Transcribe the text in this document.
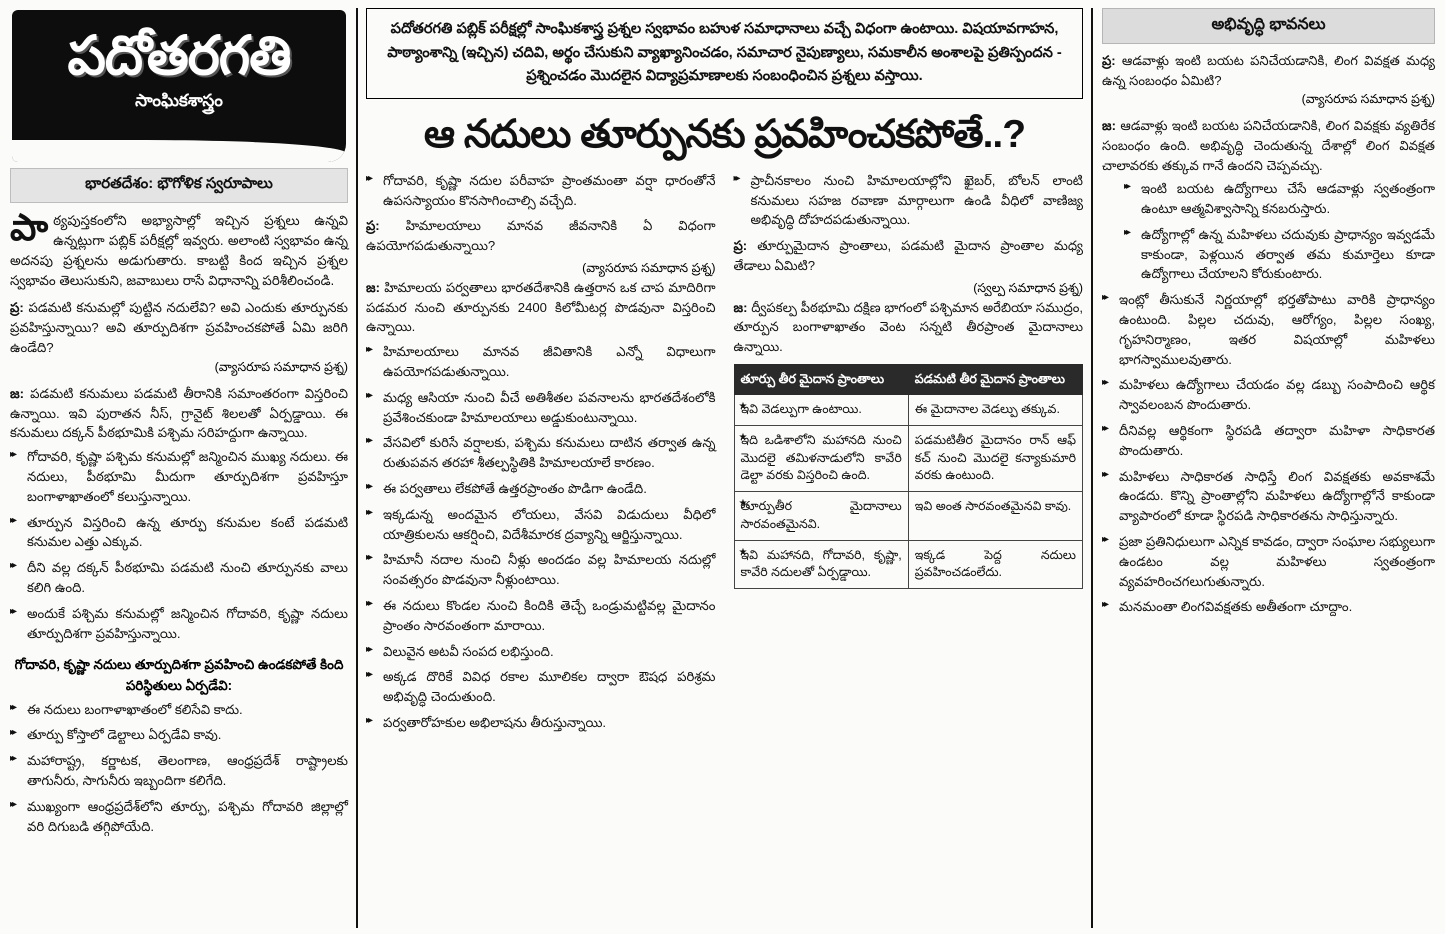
పదోతరగతి
సాంఘికశాస్త్రం
భారతదేశం: భౌగోళిక స్వరూపాలు
పాఠ్యపుస్తకంలోని అభ్యాసాల్లో ఇచ్చిన ప్రశ్నలు ఉన్నవి ఉన్నట్లుగా పబ్లిక్ పరీక్షల్లో ఇవ్వరు. అలాంటి స్వభావం ఉన్న అదనపు ప్రశ్నలను అడుగుతారు. కాబట్టి కింద ఇచ్చిన ప్రశ్నల స్వభావం తెలుసుకుని, జవాబులు రాసే విధానాన్ని పరిశీలించండి.
ప్ర: పడమటి కనుమల్లో పుట్టిన నదులేవి? అవి ఎందుకు తూర్పునకు ప్రవహిస్తున్నాయి? అవి తూర్పుదిశగా ప్రవహించకపోతే ఏమి జరిగి ఉండేది?
(వ్యాసరూప సమాధాన ప్రశ్న)
జ: పడమటి కనుమలు పడమటి తీరానికి సమాంతరంగా విస్తరించి ఉన్నాయి. ఇవి పురాతన నీస్, గ్రానైట్ శిలలతో ఏర్పడ్డాయి. ఈ కనుమలు దక్కన్ పీఠభూమికి పశ్చిమ సరిహద్దుగా ఉన్నాయి.
▸▸ గోదావరి, కృష్ణా పశ్చిమ కనుమల్లో జన్మించిన ముఖ్య నదులు. ఈ నదులు, పీఠభూమి మీదుగా తూర్పుదిశగా ప్రవహిస్తూ బంగాళాఖాతంలో కలుస్తున్నాయి.
▸▸ తూర్పున విస్తరించి ఉన్న తూర్పు కనుమల కంటే పడమటి కనుమల ఎత్తు ఎక్కువ.
▸▸ దీని వల్ల దక్కన్ పీఠభూమి పడమటి నుంచి తూర్పునకు వాలు కలిగి ఉంది.
▸▸ అందుకే పశ్చిమ కనుమల్లో జన్మించిన గోదావరి, కృష్ణా నదులు తూర్పుదిశగా ప్రవహిస్తున్నాయి.
గోదావరి, కృష్ణా నదులు తూర్పుదిశగా ప్రవహించి ఉండకపోతే కింది పరిస్థితులు ఏర్పడేవి:
▸▸ ఈ నదులు బంగాళాఖాతంలో కలిసేవి కాదు.
▸▸ తూర్పు కోస్తాలో డెల్టాలు ఏర్పడేవి కావు.
▸▸ మహారాష్ట్ర, కర్ణాటక, తెలంగాణ, ఆంధ్రప్రదేశ్ రాష్ట్రాలకు తాగునీరు, సాగునీరు ఇబ్బందిగా కలిగేది.
▸▸ ముఖ్యంగా ఆంధ్రప్రదేశ్‌లోని తూర్పు, పశ్చిమ గోదావరి జిల్లాల్లో వరి దిగుబడి తగ్గిపోయేది.
పదోతరగతి పబ్లిక్ పరీక్షల్లో సాంఘికశాస్త్ర ప్రశ్నల స్వభావం బహుళ సమాధానాలు వచ్చే విధంగా ఉంటాయి. విషయావగాహన, పాఠ్యాంశాన్ని (ఇచ్చిన) చదివి, అర్థం చేసుకుని వ్యాఖ్యానించడం, సమాచార నైపుణ్యాలు, సమకాలీన అంశాలపై ప్రతిస్పందన - ప్రశ్నించడం మొదలైన విద్యాప్రమాణాలకు సంబంధించిన ప్రశ్నలు వస్తాయి.
ఆ నదులు తూర్పునకు ప్రవహించకపోతే..?
▸▸ గోదావరి, కృష్ణా నదుల పరీవాహ ప్రాంతమంతా వర్షా ధారంతోనే ఉపసస్యాయం కొనసాగించాల్సి వచ్చేది.

ప్ర: హిమాలయాలు మానవ జీవనానికి ఏ విధంగా ఉపయోగపడుతున్నాయి?

(వ్యాసరూప సమాధాన ప్రశ్న)

జ: హిమాలయ పర్వతాలు భారతదేశానికి ఉత్తరాన ఒక చాప మాదిరిగా పడమర నుంచి తూర్పునకు 2400 కిలోమీటర్ల పొడవునా విస్తరించి ఉన్నాయి.

▸▸ హిమాలయాలు మానవ జీవితానికి ఎన్నో విధాలుగా ఉపయోగపడుతున్నాయి.
▸▸ మధ్య ఆసియా నుంచి వీచే అతిశీతల పవనాలను భారతదేశంలోకి ప్రవేశించకుండా హిమాలయాలు అడ్డుకుంటున్నాయి.
▸▸ వేసవిలో కురిసే వర్షాలకు, పశ్చిమ కనుమలు దాటిన తర్వాత ఉన్న రుతుపవన తరహా శీతల్పస్థితికి హిమాలయాలే కారణం.
▸▸ ఈ పర్వతాలు లేకపోతే ఉత్తరప్రాంతం పొడిగా ఉండేది.
▸▸ ఇక్కడున్న అందమైన లోయలు, వేసవి విడుదులు వీధిలో యాత్రికులను ఆకర్షించి, విదేశీమారక ద్రవ్యాన్ని ఆర్జిస్తున్నాయి.
▸▸ హిమానీ నదాల నుంచి నీళ్లు అందడం వల్ల హిమాలయ నదుల్లో సంవత్సరం పొడవునా నీళ్లుంటాయి.
▸▸ ఈ నదులు కొండల నుంచి కిందికి తెచ్చే ఒండ్రుమట్టివల్ల మైదానం ప్రాంతం సారవంతంగా మారాయి.
▸▸ విలువైన అటవీ సంపద లభిస్తుంది.
▸▸ అక్కడ దొరికే వివిధ రకాల మూలికల ద్వారా ఔషధ పరిశ్రమ అభివృద్ధి చెందుతుంది.
▸▸ పర్వతారోహకుల అభిలాషను తీరుస్తున్నాయి.
▸▸ ప్రాచీనకాలం నుంచి హిమాలయాల్లోని ఖైబర్, బోలన్ లాంటి కనుమలు సహజ రవాణా మార్గాలుగా ఉండి వీధిలో వాణిజ్య అభివృద్ధి దోహదపడుతున్నాయి.

ప్ర: తూర్పుమైదాన ప్రాంతాలు, పడమటి మైదాన ప్రాంతాల మధ్య తేడాలు ఏమిటి?

(స్వల్ప సమాధాన ప్రశ్న)

జ: ద్వీపకల్ప పీఠభూమి దక్షిణ భాగంలో పశ్చిమాన అరేబియా సముద్రం, తూర్పున బంగాళాఖాతం వెంట సన్నటి తీరప్రాంత మైదానాలు ఉన్నాయి.

తూర్పు తీర మైదాన ప్రాంతాలు	పడమటి తీర మైదాన ప్రాంతాలు
★ ఇవి వెడల్పుగా ఉంటాయి.	ఈ మైదానాల వెడల్పు తక్కువ.
★ ఇది ఒడిశాలోని మహానది నుంచి మొదలై తమిళనాడులోని కావేరి డెల్టా వరకు విస్తరించి ఉంది.	పడమటితీర మైదానం రాన్ ఆఫ్ కచ్ నుంచి మొదలై కన్యాకుమారి వరకు ఉంటుంది.
★ తూర్పుతీర మైదానాలు సారవంతమైనవి.	ఇవి అంత సారవంతమైనవి కావు.
★ ఇవి మహానది, గోదావరి, కృష్ణా, కావేరి నదులతో ఏర్పడ్డాయి.	ఇక్కడ పెద్ద నదులు ప్రవహించడంలేదు.
అభివృద్ధి భావనలు

ప్ర: ఆడవాళ్లు ఇంటి బయట పనిచేయడానికి, లింగ వివక్షత మధ్య ఉన్న సంబంధం ఏమిటి?

(వ్యాసరూప సమాధాన ప్రశ్న)

జ: ఆడవాళ్లు ఇంటి బయట పనిచేయడానికి, లింగ వివక్షకు వ్యతిరేక సంబంధం ఉంది. అభివృద్ధి చెందుతున్న దేశాల్లో లింగ వివక్షత చాలావరకు తక్కువ గానే ఉందని చెప్పవచ్చు.

▸▸ ఇంటి బయట ఉద్యోగాలు చేసే ఆడవాళ్లు స్వతంత్రంగా ఉంటూ ఆత్మవిశ్వాసాన్ని కనబరుస్తారు.
▸▸ ఉద్యోగాల్లో ఉన్న మహిళలు చదువుకు ప్రాధాన్యం ఇవ్వడమే కాకుండా, పెళ్లయిన తర్వాత తమ కుమార్తెలు కూడా ఉద్యోగాలు చేయాలని కోరుకుంటారు.
▸▸ ఇంట్లో తీసుకునే నిర్ణయాల్లో భర్తతోపాటు వారికి ప్రాధాన్యం ఉంటుంది. పిల్లల చదువు, ఆరోగ్యం, పిల్లల సంఖ్య, గృహనిర్మాణం, ఇతర విషయాల్లో మహిళలు భాగస్వాములవుతారు.
▸▸ మహిళలు ఉద్యోగాలు చేయడం వల్ల డబ్బు సంపాదించి ఆర్థిక స్వావలంబన పొందుతారు.
▸▸ దీనివల్ల ఆర్థికంగా స్థిరపడి తద్వారా మహిళా సాధికారత పొందుతారు.
▸▸ మహిళలు సాధికారత సాధిస్తే లింగ వివక్షతకు అవకాశమే ఉండదు. కొన్ని ప్రాంతాల్లోని మహిళలు ఉద్యోగాల్లోనే కాకుండా వ్యాపారంలో కూడా స్థిరపడి సాధికారతను సాధిస్తున్నారు.
▸▸ ప్రజా ప్రతినిధులుగా ఎన్నిక కావడం, ద్వారా సంఘాల సభ్యులుగా ఉండటం వల్ల మహిళలు స్వతంత్రంగా వ్యవహరించగలుగుతున్నారు.
▸▸ మనమంతా లింగవివక్షతకు అతీతంగా చూద్దాం.
